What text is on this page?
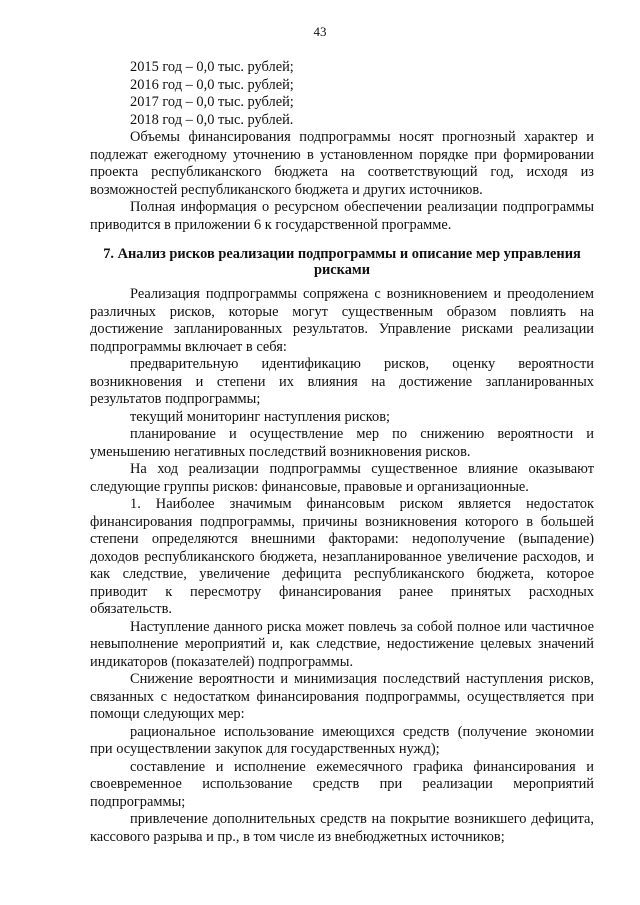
43

2015 год – 0,0 тыс. рублей;

2016 год – 0,0 тыс. рублей;

2017 год – 0,0 тыс. рублей;

2018 год – 0,0 тыс. рублей.

Объемы финансирования подпрограммы носят прогнозный характер и подлежат ежегодному уточнению в установленном порядке при формировании проекта республиканского бюджета на соответствующий год, исходя из возможностей республиканского бюджета и других источников.

Полная информация о ресурсном обеспечении реализации подпрограммы приводится в приложении 6 к государственной программе.

7. Анализ рисков реализации подпрограммы и описание мер управления рисками

Реализация подпрограммы сопряжена с возникновением и преодолением различных рисков, которые могут существенным образом повлиять на достижение запланированных результатов. Управление рисками реализации подпрограммы включает в себя:

предварительную идентификацию рисков, оценку вероятности возникновения и степени их влияния на достижение запланированных результатов подпрограммы;

текущий мониторинг наступления рисков;

планирование и осуществление мер по снижению вероятности и уменьшению негативных последствий возникновения рисков.

На ход реализации подпрограммы существенное влияние оказывают следующие группы рисков: финансовые, правовые и организационные.

1. Наиболее значимым финансовым риском является недостаток финансирования подпрограммы, причины возникновения которого в большей степени определяются внешними факторами: недополучение (выпадение) доходов республиканского бюджета, незапланированное увеличение расходов, и как следствие, увеличение дефицита республиканского бюджета, которое приводит к пересмотру финансирования ранее принятых расходных обязательств.

Наступление данного риска может повлечь за собой полное или частичное невыполнение мероприятий и, как следствие, недостижение целевых значений индикаторов (показателей) подпрограммы.

Снижение вероятности и минимизация последствий наступления рисков, связанных с недостатком финансирования подпрограммы, осуществляется при помощи следующих мер:

рациональное использование имеющихся средств (получение экономии при осуществлении закупок для государственных нужд);

составление и исполнение ежемесячного графика финансирования и своевременное использование средств при реализации мероприятий подпрограммы;

привлечение дополнительных средств на покрытие возникшего дефицита, кассового разрыва и пр., в том числе из внебюджетных источников;
